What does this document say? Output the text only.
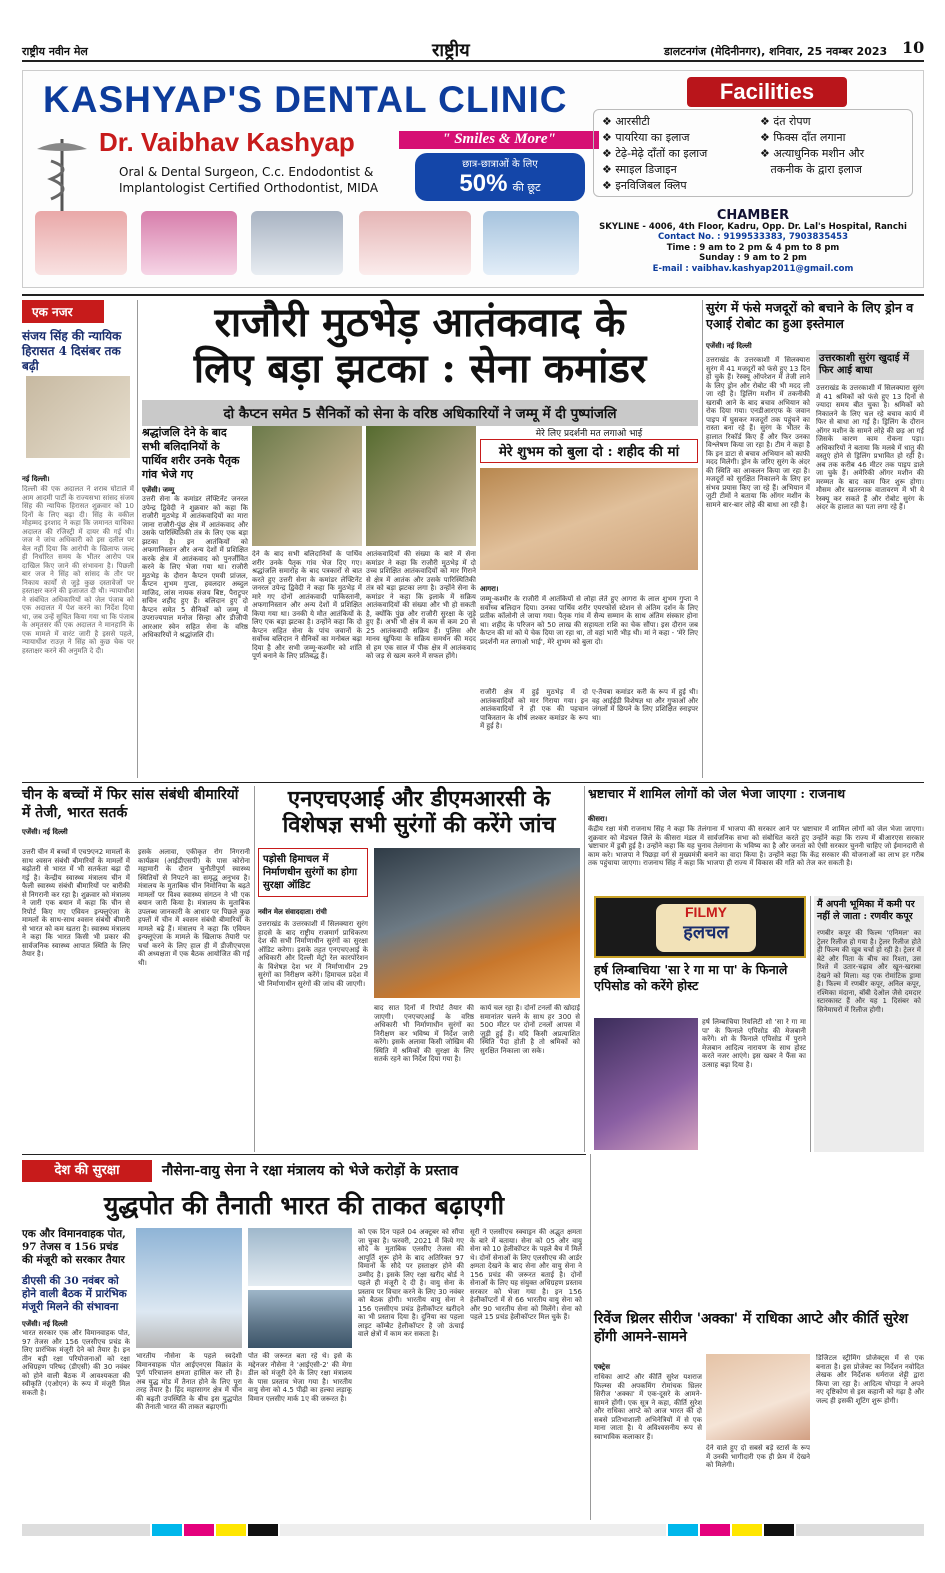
राष्ट्रीय नवीन मेल	राष्ट्रीय	डालटनगंज (मेदिनीनगर), शनिवार, 25 नवम्बर 2023 10
KASHYAP'S DENTAL CLINIC
Dr. Vaibhav Kashyap	" Smiles & More"
Oral & Dental Surgeon, C.c. Endodontist &
Implantologist Certified Orthodontist, MIDA
छात्र-छात्राओं के लिए
50% की छूट
Facilities
❖ आरसीटी
❖ पायरिया का इलाज
❖ टेढ़े-मेढ़े दाँतों का इलाज
❖ स्माइल डिजाइन
❖ इनविजिबल क्लिप
❖ दंत रोपण
❖ फिक्स दाँत लगाना
❖ अत्याधुनिक मशीन और
तकनीक के द्वारा इलाज
CHAMBER
SKYLINE - 4006, 4th Floor, Kadru, Opp. Dr. Lal's Hospital, Ranchi
Contact No. : 9199533383, 7903835453
Time : 9 am to 2 pm & 4 pm to 8 pm
Sunday : 9 am to 2 pm
E-mail : vaibhav.kashyap2011@gmail.com
एक नजर
संजय सिंह की न्यायिक हिरासत 4 दिसंबर तक बढ़ी
नई दिल्ली।
दिल्ली की एक अदालत ने शराब घोटाले में आम आदमी पार्टी के राज्यसभा सांसद संजय सिंह की न्यायिक हिरासत शुक्रवार को 10 दिनों के लिए बढ़ा दी। सिंह के वकील मोहम्मद इरशाद ने कहा कि जमानत याचिका अदालत की रजिस्ट्री में दायर की गई थी। जज ने जांच अधिकारी को इस दलील पर बेल नहीं दिया कि आरोपी के खिलाफ जल्द ही निर्धारित समय के भीतर आरोप पत्र दाखिल किए जाने की संभावना है। पिछली बार जज ने सिंह को सांसद के तौर पर निकाय कार्यों से जुड़े कुछ दस्तावेजों पर हस्ताक्षर करने की इजाजत दी थी। न्यायाधीश ने संबंधित अधिकारियों को जेल पंजाब को एक अदालत में पेश करने का निर्देश दिया था, जब उन्हें सूचित किया गया था कि पंजाब के अमृतसर की एक अदालत ने मानहानि के एक मामले में वारंट जारी है इससे पहले, न्यायाधीश राउज़ ने सिंह को कुछ चेक पर हस्ताक्षर करने की अनुमति दे दी।
राजौरी मुठभेड़ आतंकवाद के
लिए बड़ा झटका : सेना कमांडर
दो कैप्टन समेत 5 सैनिकों को सेना के वरिष्ठ अधिकारियों ने जम्मू में दी पुष्पांजलि
श्रद्धांजलि देने के बाद सभी बलिदानियों के पार्थिव शरीर उनके पैतृक गांव भेजे गए
एजेंसी। जम्मू
उत्तरी सेना के कमांडर लेफ्टिनेंट जनरल उपेन्द्र द्विवेदी ने शुक्रवार को कहा कि राजौरी मुठभेड़ में आतंकवादियों का मारा जाना राजौरी-पुंछ क्षेत्र में आतंकवाद और उसके पारिस्थितिकी तंत्र के लिए एक बड़ा झटका है। इन आतंकियों को अफगानिस्तान और अन्य देशों में प्रशिक्षित करके क्षेत्र में आतंकवाद को पुनर्जीवित करने के लिए भेजा गया था। राजौरी मुठभेड़ के दौरान कैप्टन एमवी प्रांजल, कैप्टन शुभम गुप्ता, हवलदार अब्दुल माजिद, लांस नायक संजय बिष्ट, पैराट्रूपर सचिन शहीद हुए हैं। बलिदान हुए दो कैप्टन समेत 5 सैनिकों को जम्मू में उपराज्यपाल मनोज सिन्हा और डीजीपी आरआर स्वेन सहित सेना के वरिष्ठ अधिकारियों ने श्रद्धांजलि दी।
देने के बाद सभी बलिदानियों के पार्थिव शरीर उनके पैतृक गांव भेज दिए गए। श्रद्धांजलि समारोह के बाद पत्रकारों से बात करते हुए उत्तरी सेना के कमांडर लेफ्टिनेंट जनरल उपेन्द्र द्विवेदी ने कहा कि मुठभेड़ में मारे गए दोनों आतंकवादी पाकिस्तानी, अफगानिस्तान और अन्य देशों में प्रशिक्षित किया गया था। उनकी ये मौत आतंकियों के लिए एक बड़ा झटका है। उन्होंने कहा कि दो कैप्टन सहित सेना के पांच जवानों के सर्वोच्च बलिदान ने सैनिकों का मनोबल बढ़ा दिया है और सभी जम्मू-कश्मीर को शांति पूर्ण बनाने के लिए प्रतिबद्ध हैं।
आतंकवादियों की संख्या के बारे में सेना कमांडर ने कहा कि राजौरी मुठभेड़ में दो उच्च प्रशिक्षित आतंकवादियों को मार गिराने से क्षेत्र में आतंक और उसके पारिस्थितिकी तंत्र को बड़ा झटका लगा है। उन्होंने सेना के कमांडर ने कहा कि इलाके में सक्रिय आतंकवादियों की संख्या और भी हो सकती है, क्योंकि पुंछ और राजौरी सुरक्षा के जुड़े हुए हैं। अभी भी क्षेत्र में कम से कम 20 से 25 आतंकवादी सक्रिय हैं। पुलिस और मानव खुफिया के सक्रिय समर्थन की मदद से हम एक साल में पीक क्षेत्र में आतंकवाद को जड़ से खत्म करने में सफल होंगे।
मेरे लिए प्रदर्शनी मत लगाओ भाई
मेरे शुभम को बुला दो : शहीद की मां
आगरा।
जम्मू-कश्मीर के राजौरी में आतंकियों से लोहा लेते हुए आगरा के लाल शुभम गुप्ता ने सर्वोच्च बलिदान दिया। उनका पार्थिव शरीर एयरफोर्स स्टेशन से अंतिम दर्शन के लिए प्रतीक कॉलोनी ले जाया गया। पैतृक गांव में सैन्य सम्मान के साथ अंतिम संस्कार होना था। शहीद के परिजन को 50 लाख की सहायता राशि का चेक सौंपा। इस दौरान जब कैप्टन की मां को ये चेक दिया जा रहा था, तो वहां भारी भीड़ थी। मां ने कहा - 'मेरे लिए प्रदर्शनी मत लगाओ भाई', मेरे शुभम को बुला दो।
राजौरी क्षेत्र में हुई मुठभेड़ में दो आतंकवादियों को मार गिराया गया। इन आतंकवादियों ने ही एक की पहचान पाकिस्तान के शीर्ष लश्कर कमांडर के रूप में हुई है।
ए-तैयबा कमांडर करी के रूप में हुई थी। वह आईईडी विशेषज्ञ था और गुफाओं और जंगलों में छिपने के लिए प्रशिक्षित स्नाइपर था।
सुरंग में फंसे मजदूरों को बचाने के लिए ड्रोन व एआई रोबोट का हुआ इस्तेमाल
एजेंसी। नई दिल्ली
उत्तराखंड के उत्तरकाशी में सिलक्यारा सुरंग में 41 मजदूरों को फंसे हुए 13 दिन हो चुके हैं। रेस्क्यू ऑपरेशन में तेजी लाने के लिए ड्रोन और रोबोट की भी मदद ली जा रही है। ड्रिलिंग मशीन में तकनीकी खराबी आने के बाद बचाव अभियान को रोक दिया गया। एनडीआरएफ के जवान पाइप में घुसकर मजदूरों तक पहुंचने का रास्ता बना रहे हैं। सुरंग के भीतर के हालात रिकॉर्ड किए हैं और फिर उनका विश्लेषण किया जा रहा है। टीम ने कहा है कि इन डाटा से बचाव अभियान को काफी मदद मिलेगी। ड्रोन के जरिए सुरंग के अंदर की स्थिति का आकलन किया जा रहा है। मजदूरों को सुरक्षित निकालने के लिए हर संभव प्रयास किए जा रहे हैं। अभियान में जुटी टीमों ने बताया कि ऑगर मशीन के सामने बार-बार लोहे की बाधा आ रही है।
उत्तरकाशी सुरंग खुदाई में फिर आई बाधा
उत्तराखंड के उत्तरकाशी में सिलक्यारा सुरंग में 41 श्रमिकों को फंसे हुए 13 दिनों से ज्यादा समय बीत चुका है। श्रमिकों को निकालने के लिए चल रहे बचाव कार्य में फिर से बाधा आ गई है। ड्रिलिंग के दौरान ऑगर मशीन के सामने लोहे की छड़ आ गई जिसके कारण काम रोकना पड़ा। अधिकारियों ने बताया कि मलबे में धातु की वस्तुएं होने से ड्रिलिंग प्रभावित हो रही है। अब तक करीब 46 मीटर तक पाइप डाले जा चुके हैं। अमेरिकी ऑगर मशीन की मरम्मत के बाद काम फिर शुरू होगा। मौसम और खतरनाक वातावरण में भी ये रेस्क्यू कर सकते हैं और रोबोट सुरंग के अंदर के हालात का पता लगा रहे हैं।
चीन के बच्चों में फिर सांस संबंधी बीमारियों में तेजी, भारत सतर्क
एजेंसी। नई दिल्ली
उत्तरी चीन में बच्चों में एच9एन2 मामलों के साथ श्वसन संबंधी बीमारियों के मामलों में बढ़ोतरी से भारत में भी सतर्कता बढ़ा दी गई है। केन्द्रीय स्वास्थ्य मंत्रालय चीन में फैली स्वास्थ्य संबंधी बीमारियों पर बारीकी से निगरानी कर रहा है। शुक्रवार को मंत्रालय ने जारी एक बयान में कहा कि चीन से रिपोर्ट किए गए एवियन इन्फ्लुएंजा के मामलों के साथ-साथ श्वसन संबंधी बीमारी से भारत को कम खतरा है। स्वास्थ्य मंत्रालय ने कहा कि भारत किसी भी प्रकार की सार्वजनिक स्वास्थ्य आपात स्थिति के लिए तैयार है।
इसके अलावा, एकीकृत रोग निगरानी कार्यक्रम (आईडीएसपी) के पास कोरोना महामारी के दौरान चुनौतीपूर्ण स्वास्थ्य स्थितियों से निपटने का समृद्ध अनुभव है। मंत्रालय के मुताबिक चीन निमोनिया के बढ़ते मामलों पर विश्व स्वास्थ्य संगठन ने भी एक बयान जारी किया है। मंत्रालय के मुताबिक उपलब्ध जानकारी के आधार पर पिछले कुछ हफ्तों में चीन में श्वसन संबंधी बीमारियों के मामले बढ़े हैं। मंत्रालय ने कहा कि एवियन इन्फ्लूएंजा के मामले के खिलाफ तैयारी पर चर्चा करने के लिए हाल ही में डीजीएचएस की अध्यक्षता में एक बैठक आयोजित की गई थी।
एनएचएआई और डीएमआरसी के
विशेषज्ञ सभी सुरंगों की करेंगे जांच
पड़ोसी हिमाचल में निर्माणधीन सुरंगों का होगा सुरक्षा ऑडिट
नवीन मेल संवाददाता। रांची
उत्तराखंड के उत्तरकाशी में सिलक्यारा सुरंग हादसे के बाद राष्ट्रीय राजमार्ग प्राधिकरण देश की सभी निर्माणाधीन सुरंगों का सुरक्षा ऑडिट करेगा। इसके तहत एनएचएआई के अधिकारी और दिल्ली मेट्रो रेल कारपोरेशन के विशेषज्ञ देश भर में निर्माणाधीन 29 सुरंगों का निरीक्षण करेंगे। हिमाचल प्रदेश में भी निर्माणाधीन सुरंगों की जांच की जाएगी।
बाद सात दिनों में रिपोर्ट तैयार की जाएगी। एनएचएआई के वरिष्ठ अधिकारी भी निर्माणाधीन सुरंगों का निरीक्षण कर भविष्य में निर्देश जारी करेंगे। इसके अलावा किसी जोखिम की स्थिति में श्रमिकों की सुरक्षा के लिए सतर्क रहने का निर्देश दिया गया है।
कार्य चल रहा है। दोनों टनलों की खोदाई समानांतर चलने के साथ हर 300 से 500 मीटर पर दोनों टनलों आपस में जुड़ी हुई हैं। यदि किसी अप्रत्याशित स्थिति पैदा होती है तो श्रमिकों को सुरक्षित निकाला जा सके।
भ्रष्टाचार में शामिल लोगों को जेल भेजा जाएगा : राजनाथ
कीसरा।
केंद्रीय रक्षा मंत्री राजनाथ सिंह ने कहा कि तेलंगाना में भाजपा की सरकार आने पर भ्रष्टाचार में शामिल लोगों को जेल भेजा जाएगा। शुक्रवार को मेडचल जिले के कीसरा मंडल में सार्वजनिक सभा को संबोधित करते हुए उन्होंने कहा कि राज्य में बीआरएस सरकार भ्रष्टाचार में डूबी हुई है। उन्होंने कहा कि यह चुनाव तेलंगाना के भविष्य का है और जनता को ऐसी सरकार चुननी चाहिए जो ईमानदारी से काम करे। भाजपा ने पिछड़ा वर्ग से मुख्यमंत्री बनाने का वादा किया है। उन्होंने कहा कि केंद्र सरकार की योजनाओं का लाभ हर गरीब तक पहुंचाया जाएगा। राजनाथ सिंह ने कहा कि भाजपा ही राज्य में विकास की गति को तेज कर सकती है।
FILMY
हलचल
हर्ष लिम्बाचिया 'सा रे गा मा पा' के फिनाले एपिसोड को करेंगे होस्ट
हर्ष लिम्बाचिया रियलिटी शो 'सा रे गा मा पा' के फिनाले एपिसोड की मेजबानी करेंगे। शो के फिनाले एपिसोड में पुराने मेजबान आदित्य नारायण के साथ होस्ट करते नजर आएंगे। इस खबर ने फैंस का उत्साह बढ़ा दिया है।
मैं अपनी भूमिका में कमी पर नहीं ले जाता : रणवीर कपूर
रणबीर कपूर की फिल्म 'एनिमल' का ट्रेलर रिलीज हो गया है। ट्रेलर रिलीज होते ही फिल्म की खूब चर्चा हो रही है। ट्रेलर में बेटे और पिता के बीच का रिश्ता, उस रिश्ते में उतार-चढ़ाव और खून-खराबा देखने को मिला। यह एक रोमांटिक ड्रामा है। फिल्म में रणबीर कपूर, अनिल कपूर, रश्मिका मंदाना, बॉबी देओल जैसे दमदार स्टारकास्ट हैं और यह 1 दिसंबर को सिनेमाघरों में रिलीज होगी।
देश की सुरक्षा	नौसेना-वायु सेना ने रक्षा मंत्रालय को भेजे करोड़ों के प्रस्ताव
युद्धपोत की तैनाती भारत की ताकत बढ़ाएगी
एक और विमानवाहक पोत, 97 तेजस व 156 प्रचंड की मंजूरी को सरकार तैयार
डीएसी की 30 नवंबर को होने वाली बैठक में प्रारंभिक मंजूरी मिलने की संभावना
एजेंसी। नई दिल्ली
भारत सरकार एक और विमानवाहक पोत, 97 तेजस और 156 एलसीएच प्रचंड के लिए प्रारंभिक मंजूरी देने को तैयार है। इन तीन बड़ी रक्षा परियोजनाओं को रक्षा अधिग्रहण परिषद (डीएसी) की 30 नवंबर को होने वाली बैठक में आवश्यकता की स्वीकृति (एओएन) के रूप में मंजूरी मिल सकती है।
भारतीय नौसेना के पहले स्वदेशी विमानवाहक पोत आईएनएस विक्रांत के पूर्ण परिचालन क्षमता हासिल कर ली है। अब युद्ध मोड में तैनात होने के लिए पूरा तरह तैयार है। हिंद महासागर क्षेत्र में चीन की बढ़ती उपस्थिति के बीच इस युद्धपोत की तैनाती भारत की ताकत बढ़ाएगी।
पोत की जरूरत बता रहे थे। इसे के मद्देनजर नौसेना ने 'आईएसी-2' की मेगा डील को मंजूरी देने के लिए रक्षा मंत्रालय के पास प्रस्ताव भेजा गया है। भारतीय वायु सेना को 4.5 पीढ़ी का हल्का लड़ाकू विमान एलसीए मार्क 1ए की जरूरत है।
को एक दिन पहले 04 अक्टूबर को सौंपा जा चुका है। फरवरी, 2021 में किये गए सौदे के मुताबिक एलसीए तेजस की आपूर्ति शुरू होने के बाद अतिरिक्त 97 विमानों के सौदे पर हस्ताक्षर होने की उम्मीद है। इसके लिए रक्षा खरीद बोर्ड ने पहले ही मंजूरी दे दी है। वायु सेना के प्रस्ताव पर विचार करने के लिए 30 नवंबर को बैठक होगी। भारतीय वायु सेना ने 156 एलसीएच प्रचंड हेलीकॉप्टर खरीदने का भी प्रस्ताव दिया है। दुनिया का पहला लाइट कॉम्बैट हेलीकॉप्टर है जो ऊंचाई वाले क्षेत्रों में काम कर सकता है।
सूरी ने एलसीएच स्क्वाड्रन की अद्भुत क्षमता के बारे में बताया। सेना को 05 और वायु सेना को 10 हेलीकॉप्टर के पहले बैच में मिले थे। दोनों सेनाओं के लिए एलसीएच की आर्डर क्षमता देखने के बाद सेना और वायु सेना ने 156 प्रचंड की जरूरत बताई है। दोनों सेनाओं के लिए यह संयुक्त अधिग्रहण प्रस्ताव सरकार को भेजा गया है। इन 156 हेलीकॉप्टरों में से 66 भारतीय वायु सेना को और 90 भारतीय सेना को मिलेंगे। सेना को पहले 15 प्रचंड हेलीकॉप्टर मिल चुके हैं।	रिवेंज थ्रिलर सीरीज 'अक्का' में राधिका आप्टे और कीर्ति सुरेश होंगी आमने-सामने
एक्ट्रेस
राधिका आप्टे और कीर्ति सुरेश यशराज फिल्म्स की अपकमिंग रोमांचक थ्रिलर सिरीज 'अक्का' में एक-दूसरे के आमने-सामने होंगी। एक सूत्र ने कहा, कीर्ति सुरेश और राधिका आप्टे को आज भारत की दो सबसे प्रतिभाशाली अभिनेत्रियों में से एक माना जाता है। ये अविश्वसनीय रूप से स्वाभाविक कलाकार हैं।
देने वाले हुए दो सबसे बड़े स्टार्स के रूप में उनकी भागीदारी एक ही फ्रेम में देखने को मिलेगी।
डिजिटल स्ट्रीमिंग प्रोजेक्ट्स में से एक बनाता है। इस प्रोजेक्ट का निर्देशन नवोदित लेखक और निर्देशक धर्मराज शेट्टी द्वारा किया जा रहा है। आदित्य चोपड़ा ने अपने नए दृष्टिकोण से इस कहानी को गढ़ा है और जल्द ही इसकी शूटिंग शुरू होगी।
